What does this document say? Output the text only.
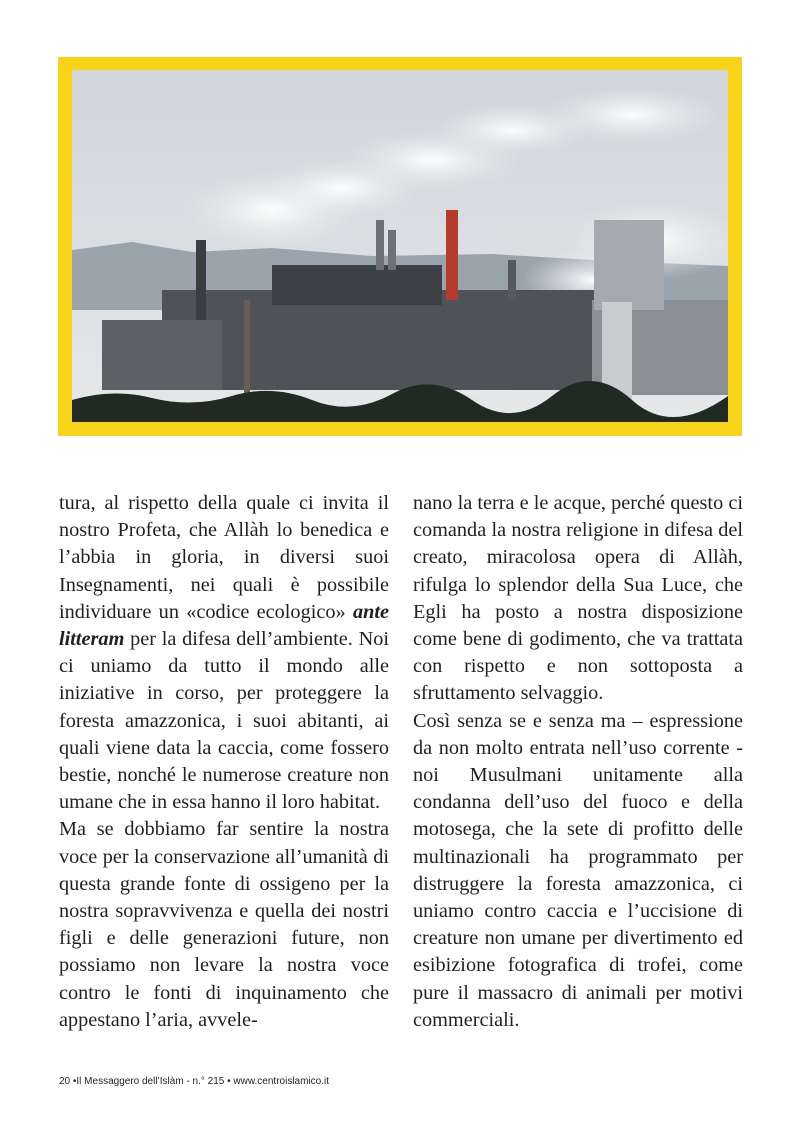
tura, al rispetto della quale ci invita il nostro Profeta, che Allàh lo benedica e l’abbia in gloria, in diversi suoi Insegnamenti, nei quali è possibile individuare un «codice ecologico» ante litteram per la difesa dell’ambiente. Noi ci uniamo da tutto il mondo alle iniziative in corso, per proteggere la foresta amazzonica, i suoi abitanti, ai quali viene data la caccia, come fossero bestie, nonché le numerose creature non umane che in essa hanno il loro habitat.

Ma se dobbiamo far sentire la nostra voce per la conservazione all’umanità di questa grande fonte di ossigeno per la nostra sopravvivenza e quella dei nostri figli e delle generazioni future, non possiamo non levare la nostra voce contro le fonti di inquinamento che appestano l’aria, avvele-

nano la terra e le acque, perché questo ci comanda la nostra religione in difesa del creato, miracolosa opera di Allàh, rifulga lo splendor della Sua Luce, che Egli ha posto a nostra disposizione come bene di godimento, che va trattata con rispetto e non sottoposta a sfruttamento selvaggio.

Così senza se e senza ma – espressione da non molto entrata nell’uso corrente - noi Musulmani unitamente alla condanna dell’uso del fuoco e della motosega, che la sete di profitto delle multinazionali ha programmato per distruggere la foresta amazzonica, ci uniamo contro caccia e l’uccisione di creature non umane per divertimento ed esibizione fotografica di trofei, come pure il massacro di animali per motivi commerciali.

20 •Il Messaggero dell’Islàm - n.° 215 • www.centroislamico.it
